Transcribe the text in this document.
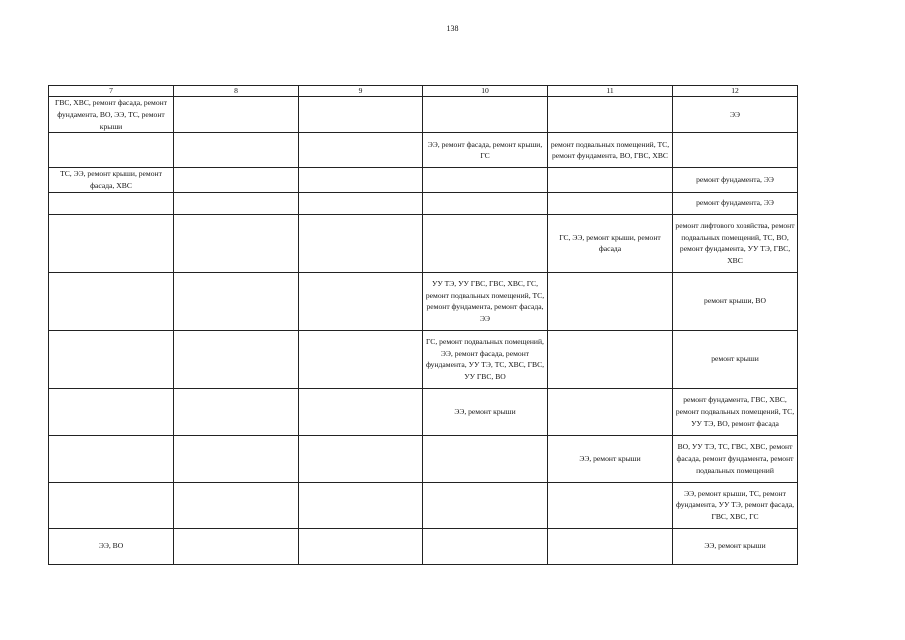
138
7	8	9	10	11	12
ГВС, ХВС, ремонт фасада, ремонт фундамента, ВО, ЭЭ, ТС, ремонт крыши					ЭЭ
			ЭЭ, ремонт фасада, ремонт крыши, ГС	ремонт подвальных помещений, ТС, ремонт фундамента, ВО, ГВС, ХВС	
ТС, ЭЭ, ремонт крыши, ремонт фасада, ХВС					ремонт фундамента, ЭЭ
					ремонт фундамента, ЭЭ
				ГС, ЭЭ, ремонт крыши, ремонт фасада	ремонт лифтового хозяйства, ремонт подвальных помещений, ТС, ВО, ремонт фундамента, УУ ТЭ, ГВС, ХВС
			УУ ТЭ, УУ ГВС, ГВС, ХВС, ГС, ремонт подвальных помещений, ТС, ремонт фундамента, ремонт фасада, ЭЭ		ремонт крыши, ВО
			ГС, ремонт подвальных помещений, ЭЭ, ремонт фасада, ремонт фундамента, УУ ТЭ, ТС, ХВС, ГВС, УУ ГВС, ВО		ремонт крыши
			ЭЭ, ремонт крыши		ремонт фундамента, ГВС, ХВС, ремонт подвальных помещений, ТС, УУ ТЭ, ВО, ремонт фасада
				ЭЭ, ремонт крыши	ВО, УУ ТЭ, ТС, ГВС, ХВС, ремонт фасада, ремонт фундамента, ремонт подвальных помещений
					ЭЭ, ремонт крыши, ТС, ремонт фундамента, УУ ТЭ, ремонт фасада, ГВС, ХВС, ГС
ЭЭ, ВО					ЭЭ, ремонт крыши
